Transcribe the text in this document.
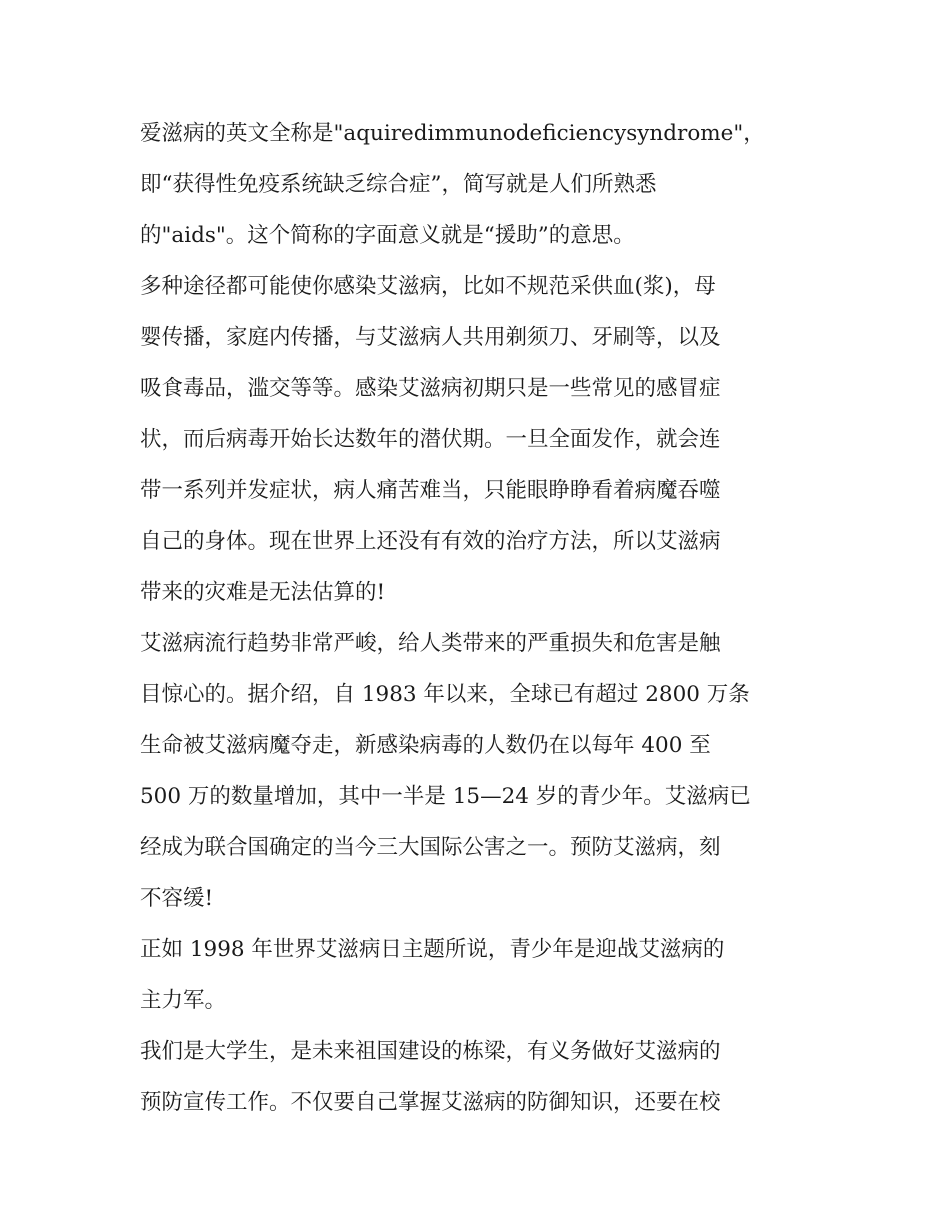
爱滋病的英文全称是"aquiredimmunodeficiencysyndrome"，
即“获得性免疫系统缺乏综合症”，简写就是人们所熟悉
的"aids"。这个简称的字面意义就是“援助”的意思。
多种途径都可能使你感染艾滋病，比如不规范采供血(浆)，母
婴传播，家庭内传播，与艾滋病人共用剃须刀、牙刷等，以及
吸食毒品，滥交等等。感染艾滋病初期只是一些常见的感冒症
状，而后病毒开始长达数年的潜伏期。一旦全面发作，就会连
带一系列并发症状，病人痛苦难当，只能眼睁睁看着病魔吞噬
自己的身体。现在世界上还没有有效的治疗方法，所以艾滋病
带来的灾难是无法估算的!
艾滋病流行趋势非常严峻，给人类带来的严重损失和危害是触
目惊心的。据介绍，自 1983 年以来，全球已有超过 2800 万条
生命被艾滋病魔夺走，新感染病毒的人数仍在以每年 400 至
500 万的数量增加，其中一半是 15—24 岁的青少年。艾滋病已
经成为联合国确定的当今三大国际公害之一。预防艾滋病，刻
不容缓!
正如 1998 年世界艾滋病日主题所说，青少年是迎战艾滋病的
主力军。
我们是大学生，是未来祖国建设的栋梁，有义务做好艾滋病的
预防宣传工作。不仅要自己掌握艾滋病的防御知识，还要在校
